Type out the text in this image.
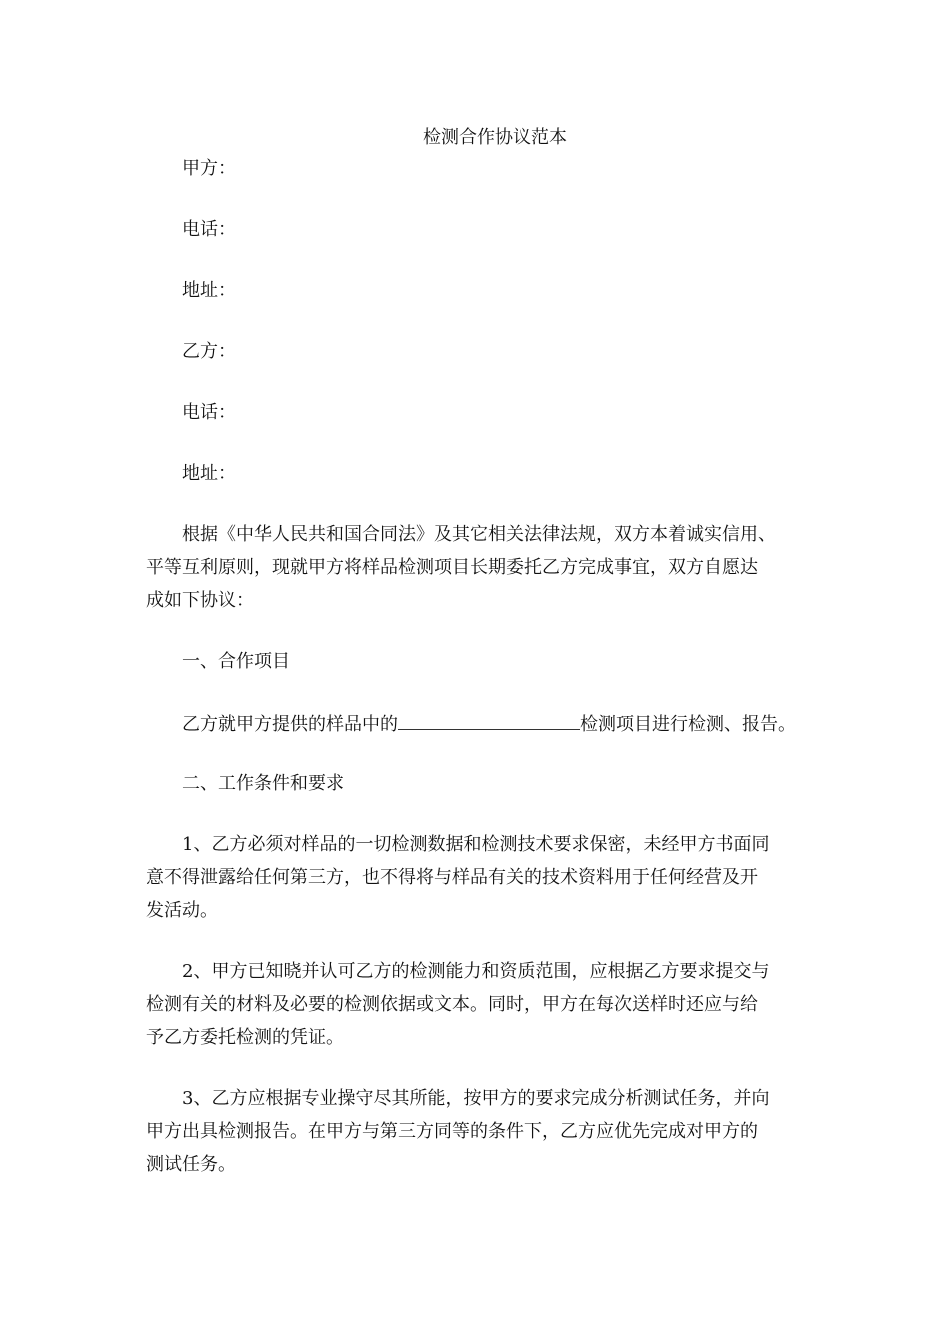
检测合作协议范本

甲方：

电话：

地址：

乙方：

电话：

地址：

根据《中华人民共和国合同法》及其它相关法律法规，双方本着诚实信用、

平等互利原则，现就甲方将样品检测项目长期委托乙方完成事宜，双方自愿达

成如下协议：

一、合作项目

乙方就甲方提供的样品中的	检测项目进行检测、报告。

二、工作条件和要求

1、乙方必须对样品的一切检测数据和检测技术要求保密，未经甲方书面同

意不得泄露给任何第三方，也不得将与样品有关的技术资料用于任何经营及开

发活动。

2、甲方已知晓并认可乙方的检测能力和资质范围，应根据乙方要求提交与

检测有关的材料及必要的检测依据或文本。同时，甲方在每次送样时还应与给

予乙方委托检测的凭证。

3、乙方应根据专业操守尽其所能，按甲方的要求完成分析测试任务，并向

甲方出具检测报告。在甲方与第三方同等的条件下，乙方应优先完成对甲方的

测试任务。
